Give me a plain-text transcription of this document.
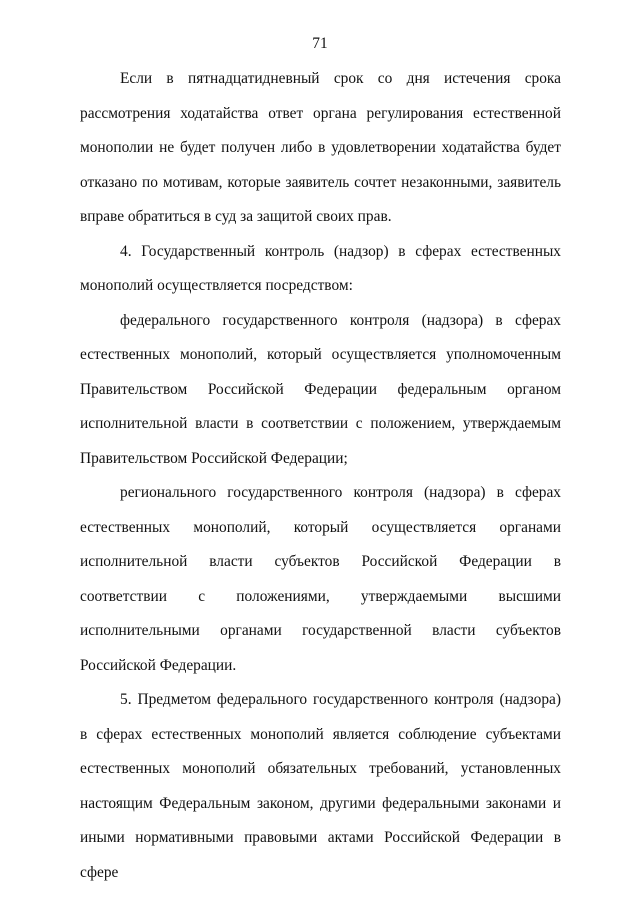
71

Если в пятнадцатидневный срок со дня истечения срока рассмотрения ходатайства ответ органа регулирования естественной монополии не будет получен либо в удовлетворении ходатайства будет отказано по мотивам, которые заявитель сочтет незаконными, заявитель вправе обратиться в суд за защитой своих прав.

4. Государственный контроль (надзор) в сферах естественных монополий осуществляется посредством:

федерального государственного контроля (надзора) в сферах естественных монополий, который осуществляется уполномоченным Правительством Российской Федерации федеральным органом исполнительной власти в соответствии с положением, утверждаемым Правительством Российской Федерации;

регионального государственного контроля (надзора) в сферах естественных монополий, который осуществляется органами исполнительной власти субъектов Российской Федерации в соответствии с положениями, утверждаемыми высшими исполнительными органами государственной власти субъектов Российской Федерации.

5. Предметом федерального государственного контроля (надзора) в сферах естественных монополий является соблюдение субъектами естественных монополий обязательных требований, установленных настоящим Федеральным законом, другими федеральными законами и иными нормативными правовыми актами Российской Федерации в сфере
